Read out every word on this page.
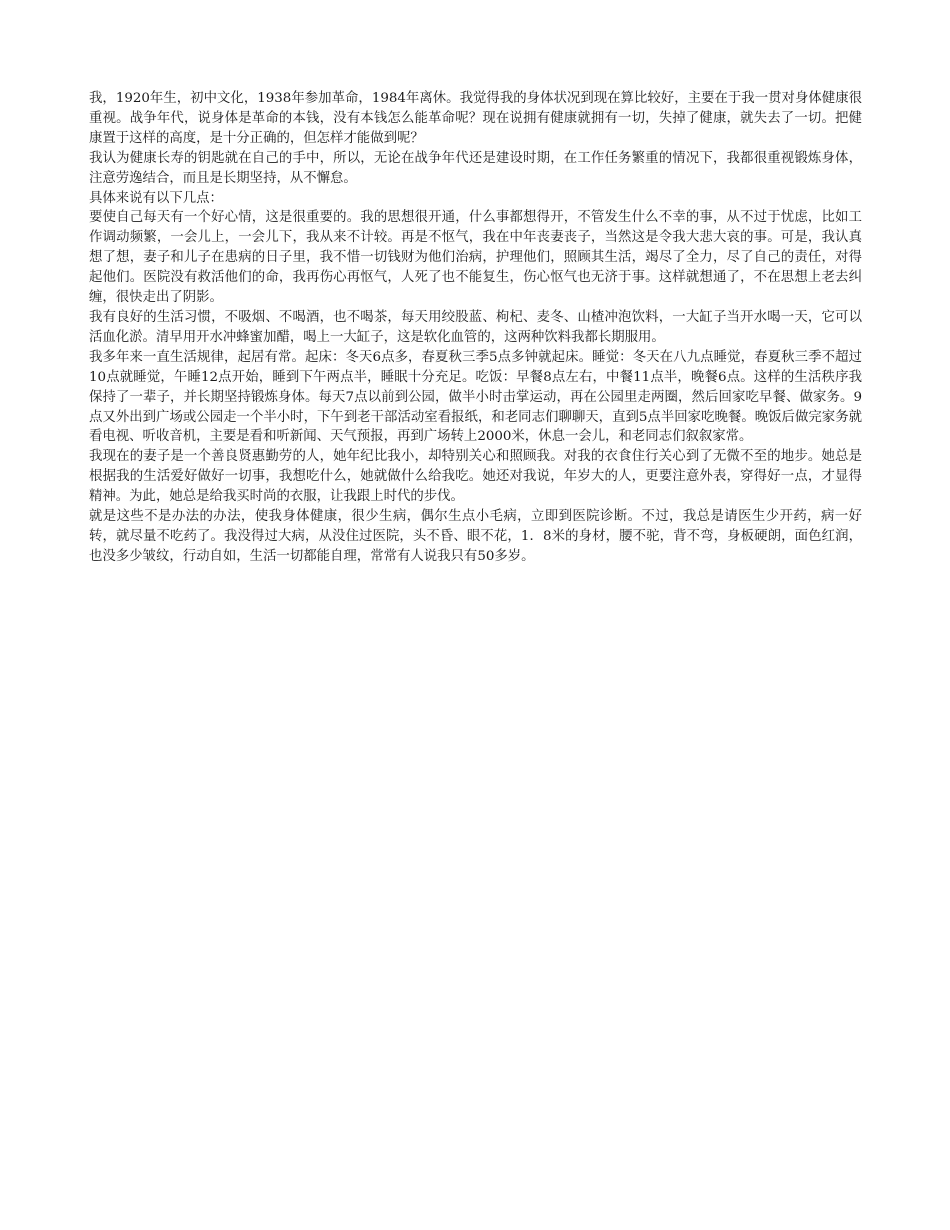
我，1920年生，初中文化，1938年参加革命，1984年离休。我觉得我的身体状况到现在算比较好，主要在于我一贯对身体健康很重视。战争年代，说身体是革命的本钱，没有本钱怎么能革命呢？现在说拥有健康就拥有一切，失掉了健康，就失去了一切。把健康置于这样的高度，是十分正确的，但怎样才能做到呢？

我认为健康长寿的钥匙就在自己的手中，所以，无论在战争年代还是建设时期，在工作任务繁重的情况下，我都很重视锻炼身体，注意劳逸结合，而且是长期坚持，从不懈怠。

具体来说有以下几点：

要使自己每天有一个好心情，这是很重要的。我的思想很开通，什么事都想得开，不管发生什么不幸的事，从不过于忧虑，比如工作调动频繁，一会儿上，一会儿下，我从来不计较。再是不怄气，我在中年丧妻丧子，当然这是令我大悲大哀的事。可是，我认真想了想，妻子和儿子在患病的日子里，我不惜一切钱财为他们治病，护理他们，照顾其生活，竭尽了全力，尽了自己的责任，对得起他们。医院没有救活他们的命，我再伤心再怄气，人死了也不能复生，伤心怄气也无济于事。这样就想通了，不在思想上老去纠缠，很快走出了阴影。

我有良好的生活习惯，不吸烟、不喝酒，也不喝茶，每天用绞股蓝、枸杞、麦冬、山楂冲泡饮料，一大缸子当开水喝一天，它可以活血化淤。清早用开水冲蜂蜜加醋，喝上一大缸子，这是软化血管的，这两种饮料我都长期服用。

我多年来一直生活规律，起居有常。起床：冬天6点多，春夏秋三季5点多钟就起床。睡觉：冬天在八九点睡觉，春夏秋三季不超过10点就睡觉，午睡12点开始，睡到下午两点半，睡眠十分充足。吃饭：早餐8点左右，中餐11点半，晚餐6点。这样的生活秩序我保持了一辈子，并长期坚持锻炼身体。每天7点以前到公园，做半小时击掌运动，再在公园里走两圈，然后回家吃早餐、做家务。9点又外出到广场或公园走一个半小时，下午到老干部活动室看报纸，和老同志们聊聊天，直到5点半回家吃晚餐。晚饭后做完家务就看电视、听收音机，主要是看和听新闻、天气预报，再到广场转上2000米，休息一会儿，和老同志们叙叙家常。

我现在的妻子是一个善良贤惠勤劳的人，她年纪比我小，却特别关心和照顾我。对我的衣食住行关心到了无微不至的地步。她总是根据我的生活爱好做好一切事，我想吃什么，她就做什么给我吃。她还对我说，年岁大的人，更要注意外表，穿得好一点，才显得精神。为此，她总是给我买时尚的衣服，让我跟上时代的步伐。

就是这些不是办法的办法，使我身体健康，很少生病，偶尔生点小毛病，立即到医院诊断。不过，我总是请医生少开药，病一好转，就尽量不吃药了。我没得过大病，从没住过医院，头不昏、眼不花，1．8米的身材，腰不驼，背不弯，身板硬朗，面色红润，也没多少皱纹，行动自如，生活一切都能自理，常常有人说我只有50多岁。
